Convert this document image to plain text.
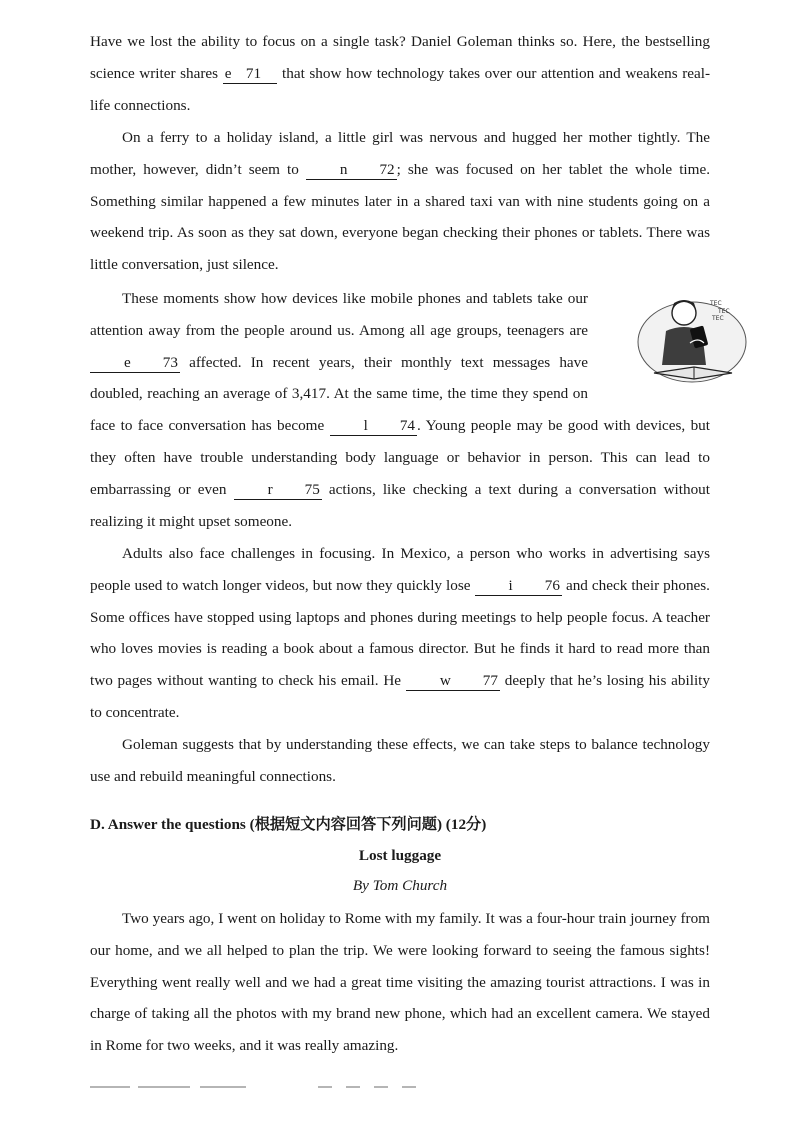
Have we lost the ability to focus on a single task? Daniel Goleman thinks so. Here, the bestselling science writer shares e 71 that show how technology takes over our attention and weakens real-life connections.

On a ferry to a holiday island, a little girl was nervous and hugged her mother tightly. The mother, however, didn’t seem to n 72 ; she was focused on her tablet the whole time. Something similar happened a few minutes later in a shared taxi van with nine students going on a weekend trip. As soon as they sat down, everyone began checking their phones or tablets. There was little conversation, just silence.

TEC
TEC
TEC
These moments show how devices like mobile phones and tablets take our attention away from the people around us. Among all age groups, teenagers are e 73 affected. In recent years, their monthly text messages have doubled, reaching an average of 3,417. At the same time, the time they spend on face to face conversation has become l 74 . Young people may be good with devices, but they often have trouble understanding body language or behavior in person. This can lead to embarrassing or even r 75 actions, like checking a text during a conversation without realizing it might upset someone.

Adults also face challenges in focusing. In Mexico, a person who works in advertising says people used to watch longer videos, but now they quickly lose i 76 and check their phones. Some offices have stopped using laptops and phones during meetings to help people focus. A teacher who loves movies is reading a book about a famous director. But he finds it hard to read more than two pages without wanting to check his email. He w 77 deeply that he’s losing his ability to concentrate.

Goleman suggests that by understanding these effects, we can take steps to balance technology use and rebuild meaningful connections.

D. Answer the questions (根据短文内容回答下列问题) (12分)
Lost luggage
By Tom Church

Two years ago, I went on holiday to Rome with my family. It was a four-hour train journey from our home, and we all helped to plan the trip. We were looking forward to seeing the famous sights! Everything went really well and we had a great time visiting the amazing tourist attractions. I was in charge of taking all the photos with my brand new phone, which had an excellent camera. We stayed in Rome for two weeks, and it was really amazing.
